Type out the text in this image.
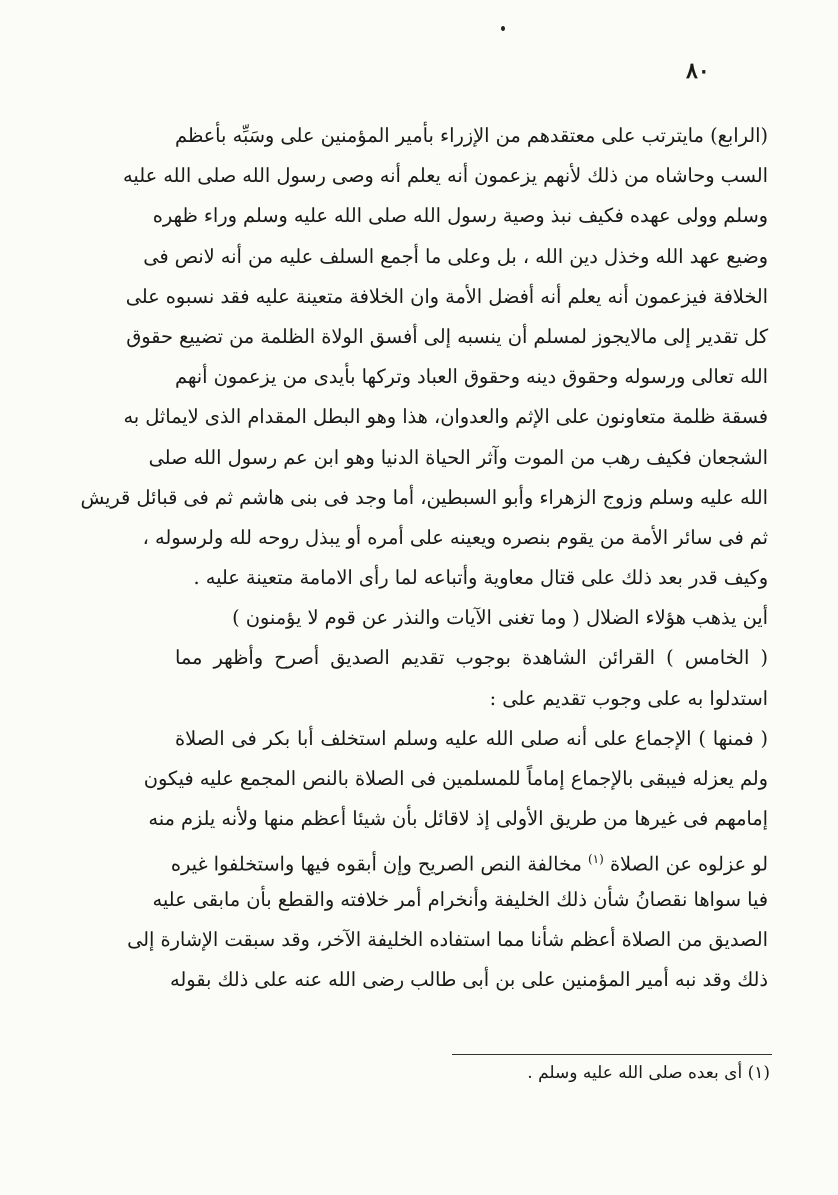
٨٠
(الرابع) مايترتب على معتقدهم من الإزراء بأمير المؤمنين على وسَبِّه بأعظم
السب وحاشاه من ذلك لأنهم يزعمون أنه يعلم أنه وصى رسول الله صلى الله عليه
وسلم وولى عهده فكيف نبذ وصية رسول الله صلى الله عليه وسلم وراء ظهره
وضيع عهد الله وخذل دين الله ، بل وعلى ما أجمع السلف عليه من أنه لانص فى
الخلافة فيزعمون أنه يعلم أنه أفضل الأمة وان الخلافة متعينة عليه فقد نسبوه على
كل تقدير إلى مالايجوز لمسلم أن ينسبه إلى أفسق الولاة الظلمة من تضييع حقوق
الله تعالى ورسوله وحقوق دينه وحقوق العباد وتركها بأيدى من يزعمون أنهم
فسقة ظلمة متعاونون على الإثم والعدوان، هذا وهو البطل المقدام الذى لايماثل به
الشجعان فكيف رهب من الموت وآثر الحياة الدنيا وهو ابن عم رسول الله صلى
الله عليه وسلم وزوج الزهراء وأبو السبطين، أما وجد فى بنى هاشم ثم فى قبائل قريش
ثم فى سائر الأمة من يقوم بنصره ويعينه على أمره أو يبذل روحه لله ولرسوله ،
وكيف قدر بعد ذلك على قتال معاوية وأتباعه لما رأى الامامة متعينة عليه .
أين يذهب هؤلاء الضلال ( وما تغنى الآيات والنذر عن قوم لا يؤمنون )
( الخامس ) القرائن الشاهدة بوجوب تقديم الصديق أصرح وأظهر مما
استدلوا به على وجوب تقديم على :
( فمنها ) الإجماع على أنه صلى الله عليه وسلم استخلف أبا بكر فى الصلاة
ولم يعزله فيبقى بالإجماع إماماً للمسلمين فى الصلاة بالنص المجمع عليه فيكون
إمامهم فى غيرها من طريق الأولى إذ لاقائل بأن شيئا أعظم منها ولأنه يلزم منه
لو عزلوه عن الصلاة $^{(١)}$ مخالفة النص الصريح وإن أبقوه فيها واستخلفوا غيره
فيا سواها نقصانُ شأن ذلك الخليفة وأنخرام أمر خلافته والقطع بأن مابقى عليه
الصديق من الصلاة أعظم شأنا مما استفاده الخليفة الآخر، وقد سبقت الإشارة إلى
ذلك وقد نبه أمير المؤمنين على بن أبى طالب رضى الله عنه على ذلك بقوله
(١) أى بعده صلى الله عليه وسلم .
